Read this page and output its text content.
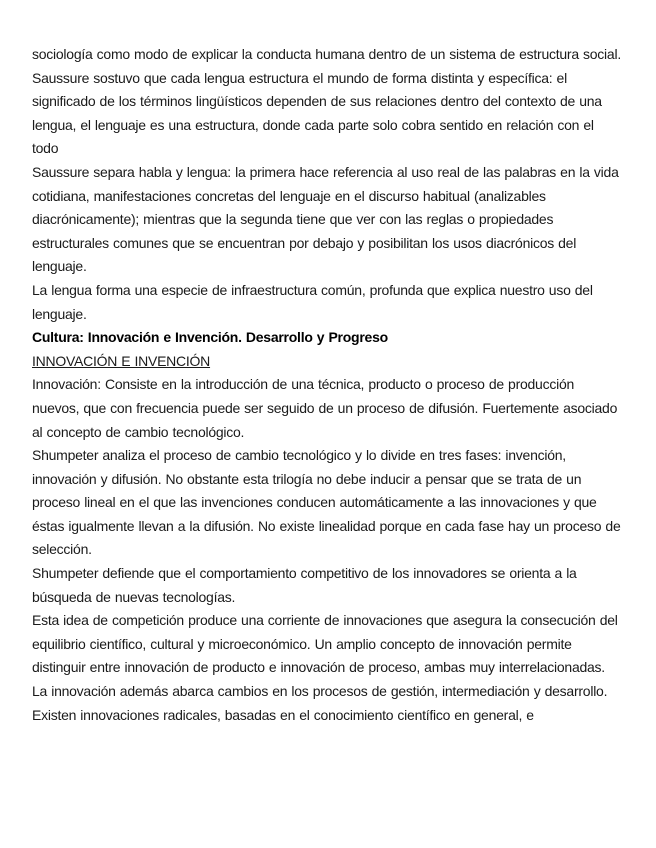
sociología como modo de explicar la conducta humana dentro de un sistema de estructura social.

Saussure sostuvo que cada lengua estructura el mundo de forma distinta y específica: el significado de los términos lingüísticos dependen de sus relaciones dentro del contexto de una lengua, el lenguaje es una estructura, donde cada parte solo cobra sentido en relación con el todo

Saussure separa habla y lengua: la primera hace referencia al uso real de las palabras en la vida cotidiana, manifestaciones concretas del lenguaje en el discurso habitual (analizables diacrónicamente); mientras que la segunda tiene que ver con las reglas o propiedades estructurales comunes que se encuentran por debajo y posibilitan los usos diacrónicos del lenguaje.

La lengua forma una especie de infraestructura común, profunda que explica nuestro uso del lenguaje.

Cultura: Innovación e Invención. Desarrollo y Progreso

INNOVACIÓN E INVENCIÓN

Innovación: Consiste en la introducción de una técnica, producto o proceso de producción nuevos, que con frecuencia puede ser seguido de un proceso de difusión. Fuertemente asociado al concepto de cambio tecnológico.

Shumpeter analiza el proceso de cambio tecnológico y lo divide en tres fases: invención, innovación y difusión. No obstante esta trilogía no debe inducir a pensar que se trata de un proceso lineal en el que las invenciones conducen automáticamente a las innovaciones y que éstas igualmente llevan a la difusión. No existe linealidad porque en cada fase hay un proceso de selección.

Shumpeter defiende que el comportamiento competitivo de los innovadores se orienta a la búsqueda de nuevas tecnologías.

Esta idea de competición produce una corriente de innovaciones que asegura la consecución del equilibrio científico, cultural y microeconómico. Un amplio concepto de innovación permite distinguir entre innovación de producto e innovación de proceso, ambas muy interrelacionadas.

La innovación además abarca cambios en los procesos de gestión, intermediación y desarrollo.

Existen innovaciones radicales, basadas en el conocimiento científico en general, e
